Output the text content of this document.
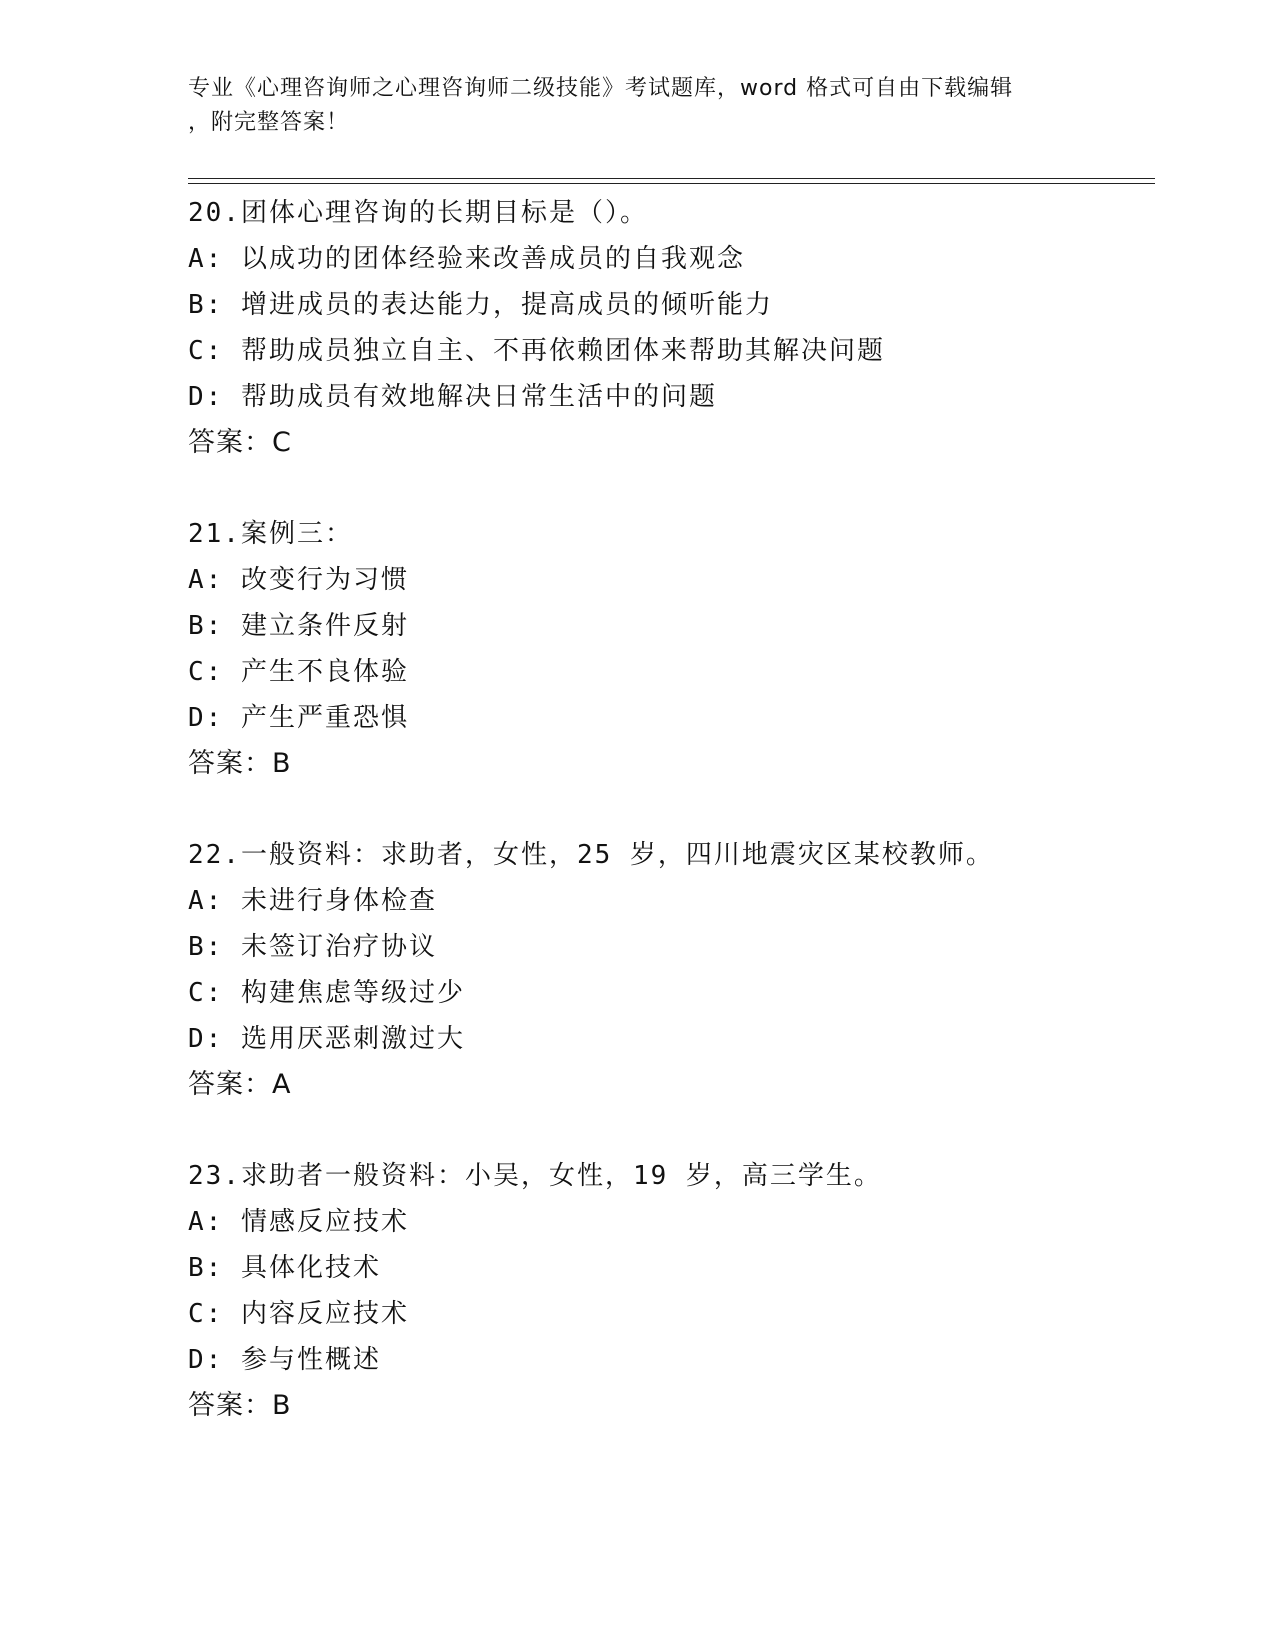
专业《心理咨询师之心理咨询师二级技能》考试题库，word 格式可自由下载编辑
，附完整答案！
20.团体心理咨询的长期目标是（）。
A: 以成功的团体经验来改善成员的自我观念
B: 增进成员的表达能力，提高成员的倾听能力
C: 帮助成员独立自主、不再依赖团体来帮助其解决问题
D: 帮助成员有效地解决日常生活中的问题
答案：C
21.案例三：
A: 改变行为习惯
B: 建立条件反射
C: 产生不良体验
D: 产生严重恐惧
答案：B
22.一般资料：求助者，女性，25 岁，四川地震灾区某校教师。
A: 未进行身体检查
B: 未签订治疗协议
C: 构建焦虑等级过少
D: 选用厌恶刺激过大
答案：A
23.求助者一般资料：小吴，女性，19 岁，高三学生。
A: 情感反应技术
B: 具体化技术
C: 内容反应技术
D: 参与性概述
答案：B
